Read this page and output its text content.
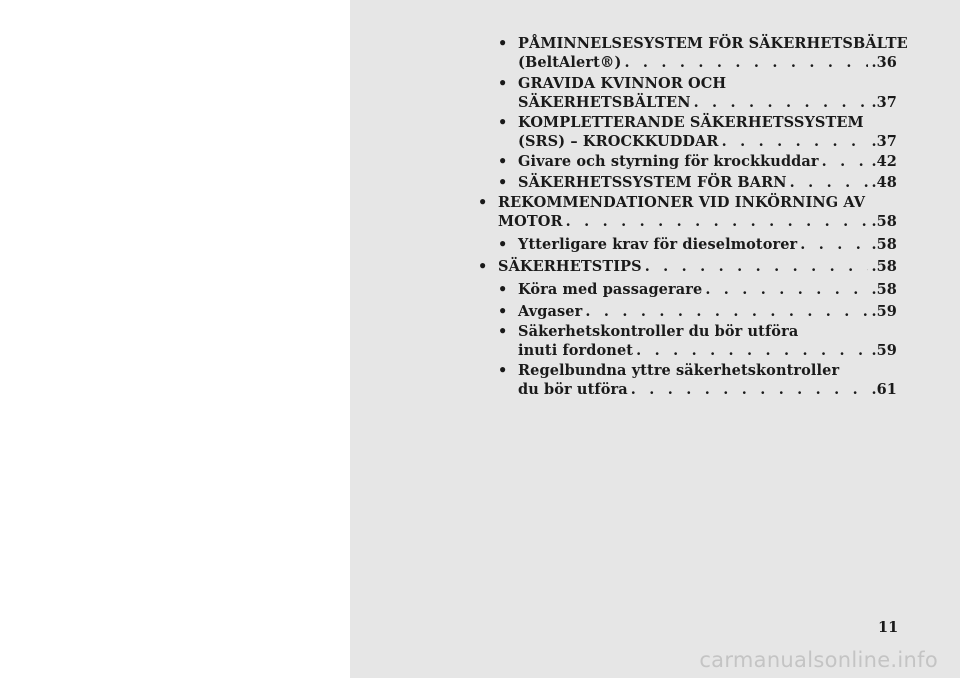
• PÅMINNELSESYSTEM FÖR SÄKERHETSBÄLTE
(BeltAlert®) . . .	.36
• GRAVIDA KVINNOR OCH
SÄKERHETSBÄLTEN . . .	.37
• KOMPLETTERANDE SÄKERHETSSYSTEM
(SRS) – KROCKKUDDAR . . .	.37
• Givare och styrning för krockkuddar . . .	.42
• SÄKERHETSSYSTEM FÖR BARN . . .	.48
• REKOMMENDATIONER VID INKÖRNING AV
MOTOR . . .	.58
• Ytterligare krav för dieselmotorer . . .	.58
• SÄKERHETSTIPS . . .	.58
• Köra med passagerare . . .	.58
• Avgaser . . .	.59
• Säkerhetskontroller du bör utföra
inuti fordonet . . .	.59
• Regelbundna yttre säkerhetskontroller
du bör utföra . . .	.61
11
carmanualsonline.info
